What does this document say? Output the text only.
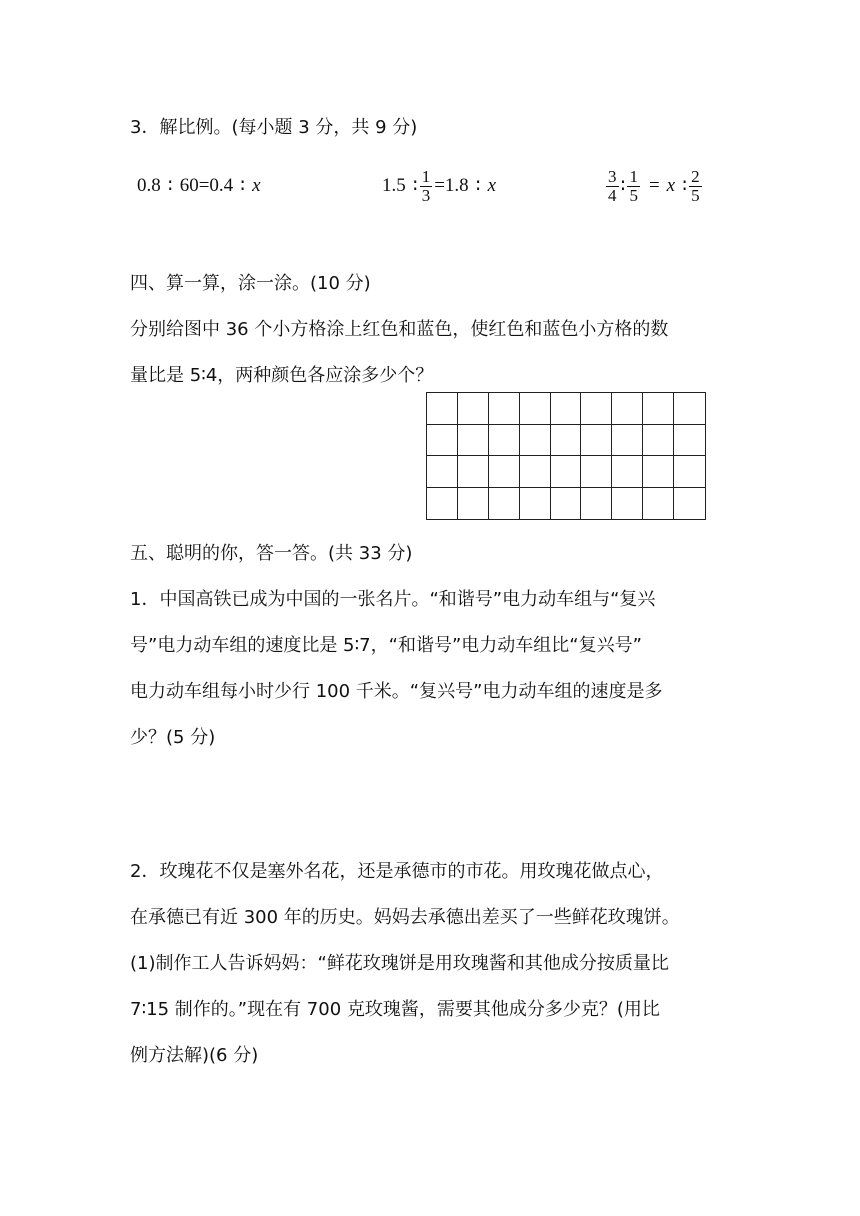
3．解比例。(每小题 3 分，共 9 分)
0.8 ∶ 60 = 0.4 ∶ x	1.5 ∶ $\frac{1}{3} = 1.8$ ∶ x	$\frac{3}{4}$ ∶ $\frac{1}{5} = x$ ∶ $\frac{2}{5}$
四、算一算，涂一涂。(10 分)
分别给图中 36 个小方格涂上红色和蓝色，使红色和蓝色小方格的数
量比是 5∶4，两种颜色各应涂多少个？
五、聪明的你，答一答。(共 33 分)
1．中国高铁已成为中国的一张名片。“和谐号”电力动车组与“复兴
号”电力动车组的速度比是 5∶7，“和谐号”电力动车组比“复兴号”
电力动车组每小时少行 100 千米。“复兴号”电力动车组的速度是多
少？(5 分)
2．玫瑰花不仅是塞外名花，还是承德市的市花。用玫瑰花做点心，
在承德已有近 300 年的历史。妈妈去承德出差买了一些鲜花玫瑰饼。
(1)制作工人告诉妈妈：“鲜花玫瑰饼是用玫瑰酱和其他成分按质量比
7∶15 制作的。”现在有 700 克玫瑰酱，需要其他成分多少克？(用比
例方法解)(6 分)
